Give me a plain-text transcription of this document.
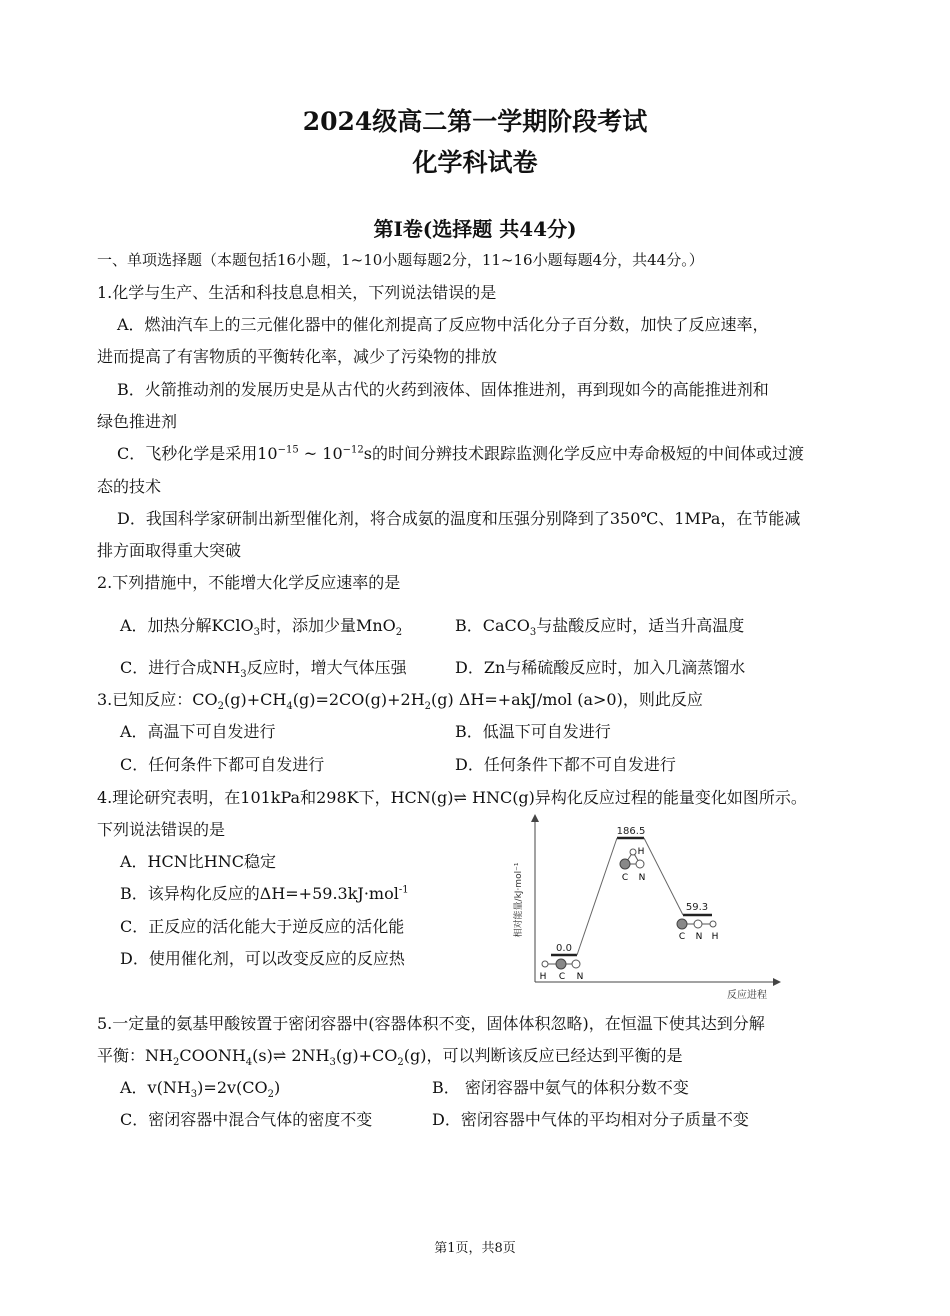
2024级高二第一学期阶段考试
化学科试卷
第I卷(选择题 共44分)
一、单项选择题（本题包括16小题，1~10小题每题2分，11~16小题每题4分，共44分。）
1.化学与生产、生活和科技息息相关，下列说法错误的是
A．燃油汽车上的三元催化器中的催化剂提高了反应物中活化分子百分数，加快了反应速率，
进而提高了有害物质的平衡转化率，减少了污染物的排放
B．火箭推动剂的发展历史是从古代的火药到液体、固体推进剂，再到现如今的高能推进剂和
绿色推进剂
C．飞秒化学是采用$10^{-15}$ ~ $10^{-12}s$的时间分辨技术跟踪监测化学反应中寿命极短的中间体或过渡
态的技术
D．我国科学家研制出新型催化剂，将合成氨的温度和压强分别降到了350℃、1MPa，在节能减
排方面取得重大突破
2.下列措施中，不能增大化学反应速率的是
A．加热分解KClO$_3$时，添加少量MnO$_2$	B．CaCO$_3$与盐酸反应时，适当升高温度
C．进行合成$NH_3$反应时，增大气体压强	D．Zn与稀硫酸反应时，加入几滴蒸馏水
3.已知反应：$CO_2(g)+CH_4(g)=2CO(g)+2H_2(g)$ ΔH=+akJ/mol (a>0)，则此反应
A．高温下可自发进行	B．低温下可自发进行
C．任何条件下都可自发进行	D．任何条件下都不可自发进行
4.理论研究表明，在101kPa和298K下，HCN(g)⇌ HNC(g)异构化反应过程的能量变化如图所示。
下列说法错误的是
A．HCN比HNC稳定
B．该异构化反应的ΔH=+59.3kJ·mol$^{-1}$
C．正反应的活化能大于逆反应的活化能
D．使用催化剂，可以改变反应的反应热
相对能量/kJ·mol⁻¹
反应进程
0.0
186.5
59.3
H C N
H
C N
C N H
5.一定量的氨基甲酸铵置于密闭容器中(容器体积不变，固体体积忽略)，在恒温下使其达到分解
平衡：$NH_2COONH_4(s)\rightleftharpoons$ $2NH_3(g)+CO_2(g)$，可以判断该反应已经达到平衡的是
A．$v(NH_3)=2v(CO_2)$	B． 密闭容器中氨气的体积分数不变
C．密闭容器中混合气体的密度不变	D．密闭容器中气体的平均相对分子质量不变
第1页，共8页
